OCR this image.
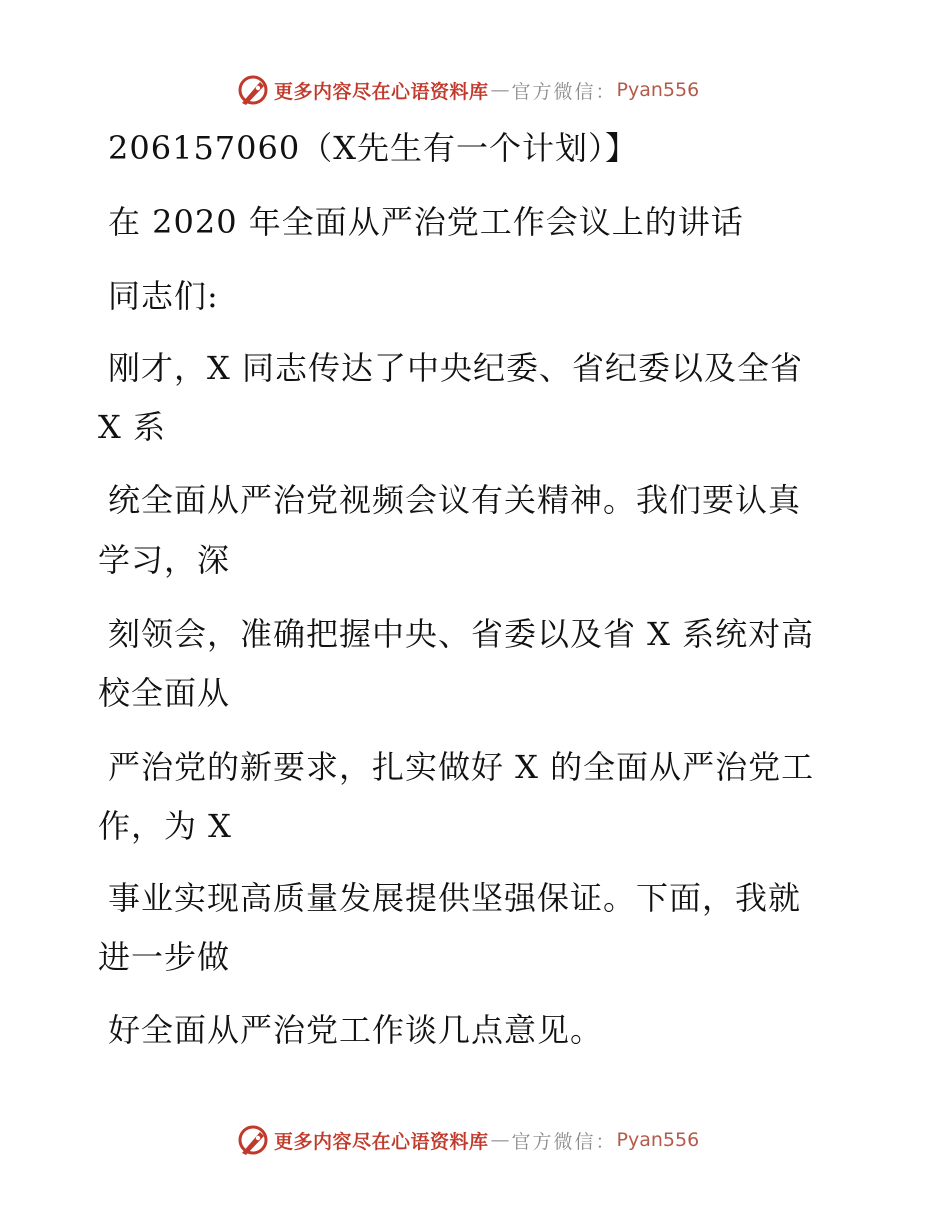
更多内容尽在心语资料库 — 官方微信： Pyan556
206157060（X先生有一个计划）】
在 2020 年全面从严治党工作会议上的讲话
同志们:
刚才，X 同志传达了中央纪委、省纪委以及全省
X 系
统全面从严治党视频会议有关精神。我们要认真
学习，深
刻领会，准确把握中央、省委以及省 X 系统对高
校全面从
严治党的新要求，扎实做好 X 的全面从严治党工
作，为 X
事业实现高质量发展提供坚强保证。下面，我就
进一步做
好全面从严治党工作谈几点意见。
更多内容尽在心语资料库 — 官方微信： Pyan556
